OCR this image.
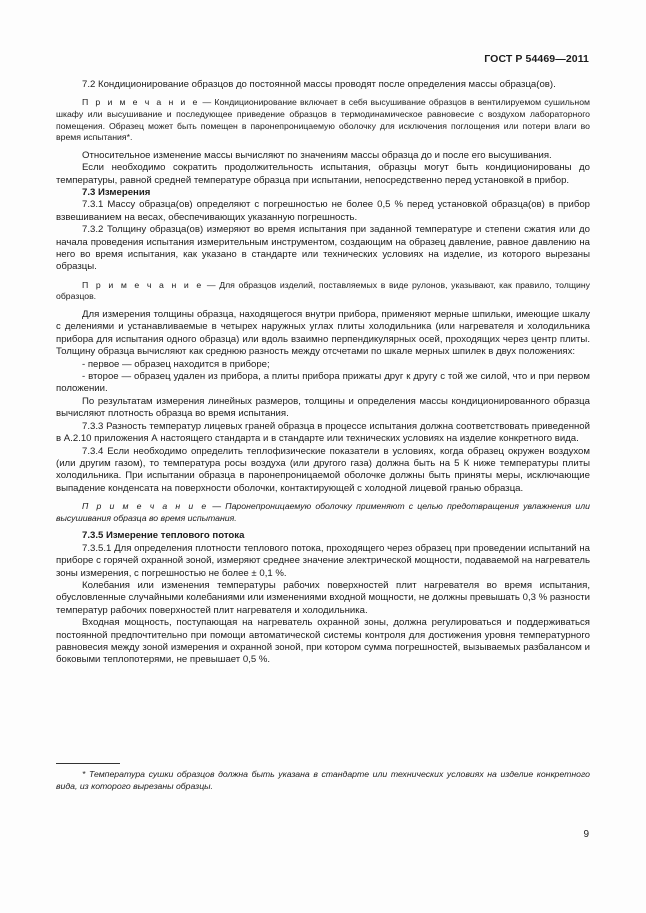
ГОСТ Р 54469—2011

7.2 Кондиционирование образцов до постоянной массы проводят после определения массы образца(ов).

П р и м е ч а н и е — Кондиционирование включает в себя высушивание образцов в вентилируемом сушильном шкафу или высушивание и последующее приведение образцов в термодинамическое равновесие с воздухом лабораторного помещения. Образец может быть помещен в паронепроницаемую оболочку для исключения поглощения или потери влаги во время испытания*.

Относительное изменение массы вычисляют по значениям массы образца до и после его высушивания.

Если необходимо сократить продолжительность испытания, образцы могут быть кондиционированы до температуры, равной средней температуре образца при испытании, непосредственно перед установкой в прибор.

7.3 Измерения

7.3.1 Массу образца(ов) определяют с погрешностью не более 0,5 % перед установкой образца(ов) в прибор взвешиванием на весах, обеспечивающих указанную погрешность.

7.3.2 Толщину образца(ов) измеряют во время испытания при заданной температуре и степени сжатия или до начала проведения испытания измерительным инструментом, создающим на образец давление, равное давлению на него во время испытания, как указано в стандарте или технических условиях на изделие, из которого вырезаны образцы.

П р и м е ч а н и е — Для образцов изделий, поставляемых в виде рулонов, указывают, как правило, толщину образцов.

Для измерения толщины образца, находящегося внутри прибора, применяют мерные шпильки, имеющие шкалу с делениями и устанавливаемые в четырех наружных углах плиты холодильника (или нагревателя и холодильника прибора для испытания одного образца) или вдоль взаимно перпендикулярных осей, проходящих через центр плиты. Толщину образца вычисляют как среднюю разность между отсчетами по шкале мерных шпилек в двух положениях:

- первое — образец находится в приборе;

- второе — образец удален из прибора, а плиты прибора прижаты друг к другу с той же силой, что и при первом положении.

По результатам измерения линейных размеров, толщины и определения массы кондиционированного образца вычисляют плотность образца во время испытания.

7.3.3 Разность температур лицевых граней образца в процессе испытания должна соответствовать приведенной в А.2.10 приложения А настоящего стандарта и в стандарте или технических условиях на изделие конкретного вида.

7.3.4 Если необходимо определить теплофизические показатели в условиях, когда образец окружен воздухом (или другим газом), то температура росы воздуха (или другого газа) должна быть на 5 К ниже температуры плиты холодильника. При испытании образца в паронепроницаемой оболочке должны быть приняты меры, исключающие выпадение конденсата на поверхности оболочки, контактирующей с холодной лицевой гранью образца.

П р и м е ч а н и е — Паронепроницаемую оболочку применяют с целью предотвращения увлажнения или высушивания образца во время испытания.

7.3.5 Измерение теплового потока

7.3.5.1 Для определения плотности теплового потока, проходящего через образец при проведении испытаний на приборе с горячей охранной зоной, измеряют среднее значение электрической мощности, подаваемой на нагреватель зоны измерения, с погрешностью не более ± 0,1 %.

Колебания или изменения температуры рабочих поверхностей плит нагревателя во время испытания, обусловленные случайными колебаниями или изменениями входной мощности, не должны превышать 0,3 % разности температур рабочих поверхностей плит нагревателя и холодильника.

Входная мощность, поступающая на нагреватель охранной зоны, должна регулироваться и поддерживаться постоянной предпочтительно при помощи автоматической системы контроля для достижения уровня температурного равновесия между зоной измерения и охранной зоной, при котором сумма погрешностей, вызываемых разбалансом и боковыми теплопотерями, не превышает 0,5 %.

* Температура сушки образцов должна быть указана в стандарте или технических условиях на изделие конкретного вида, из которого вырезаны образцы.

9
